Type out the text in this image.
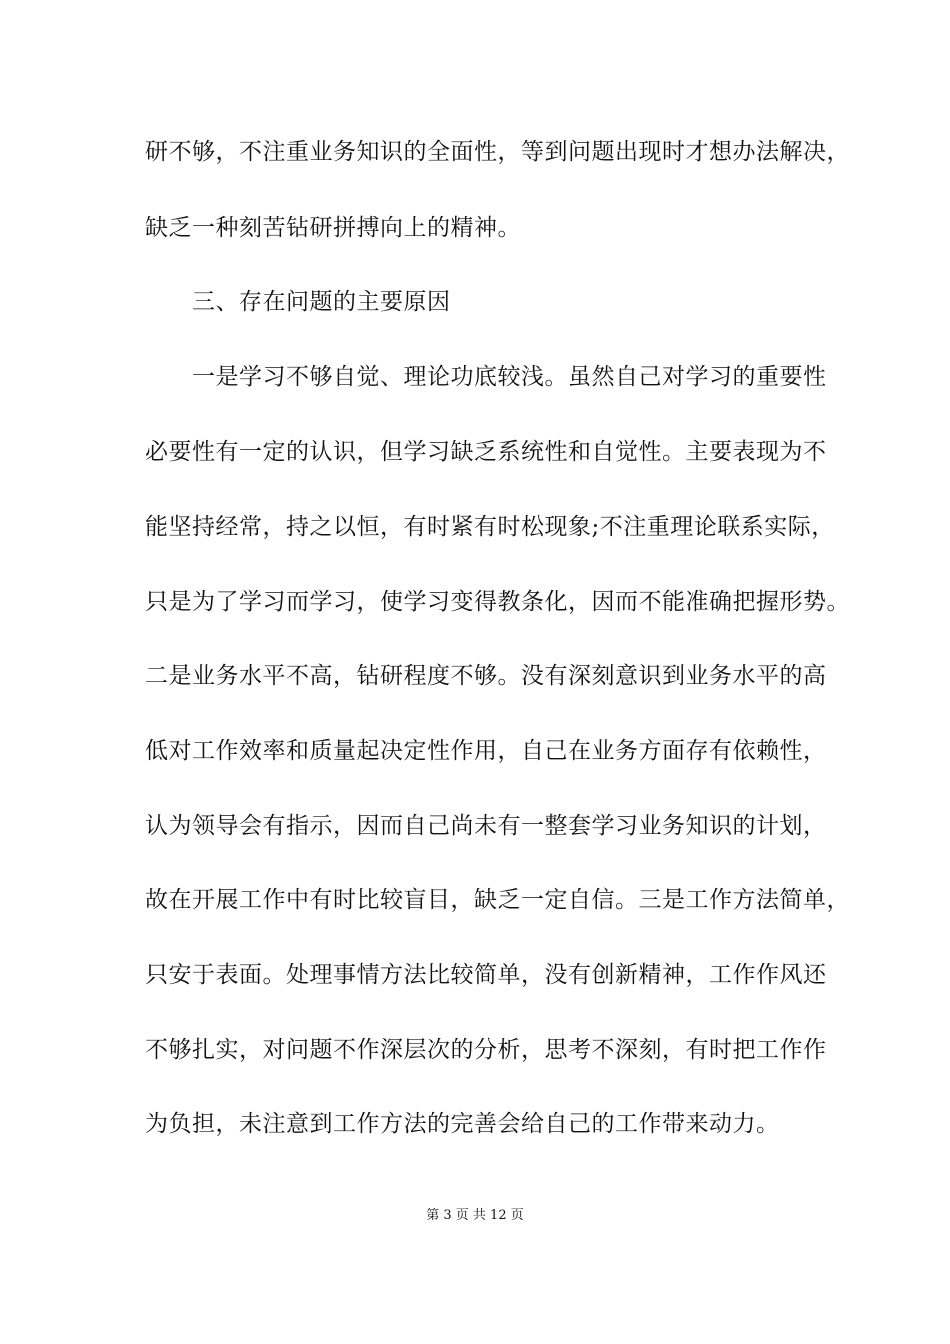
研不够，不注重业务知识的全面性，等到问题出现时才想办法解决，
缺乏一种刻苦钻研拼搏向上的精神。
三、存在问题的主要原因
一是学习不够自觉、理论功底较浅。虽然自己对学习的重要性
必要性有一定的认识，但学习缺乏系统性和自觉性。主要表现为不
能坚持经常，持之以恒，有时紧有时松现象;不注重理论联系实际，
只是为了学习而学习，使学习变得教条化，因而不能准确把握形势。
二是业务水平不高，钻研程度不够。没有深刻意识到业务水平的高
低对工作效率和质量起决定性作用，自己在业务方面存有依赖性，
认为领导会有指示，因而自己尚未有一整套学习业务知识的计划，
故在开展工作中有时比较盲目，缺乏一定自信。三是工作方法简单，
只安于表面。处理事情方法比较简单，没有创新精神，工作作风还
不够扎实，对问题不作深层次的分析，思考不深刻，有时把工作作
为负担，未注意到工作方法的完善会给自己的工作带来动力。
第 3 页 共 12 页
